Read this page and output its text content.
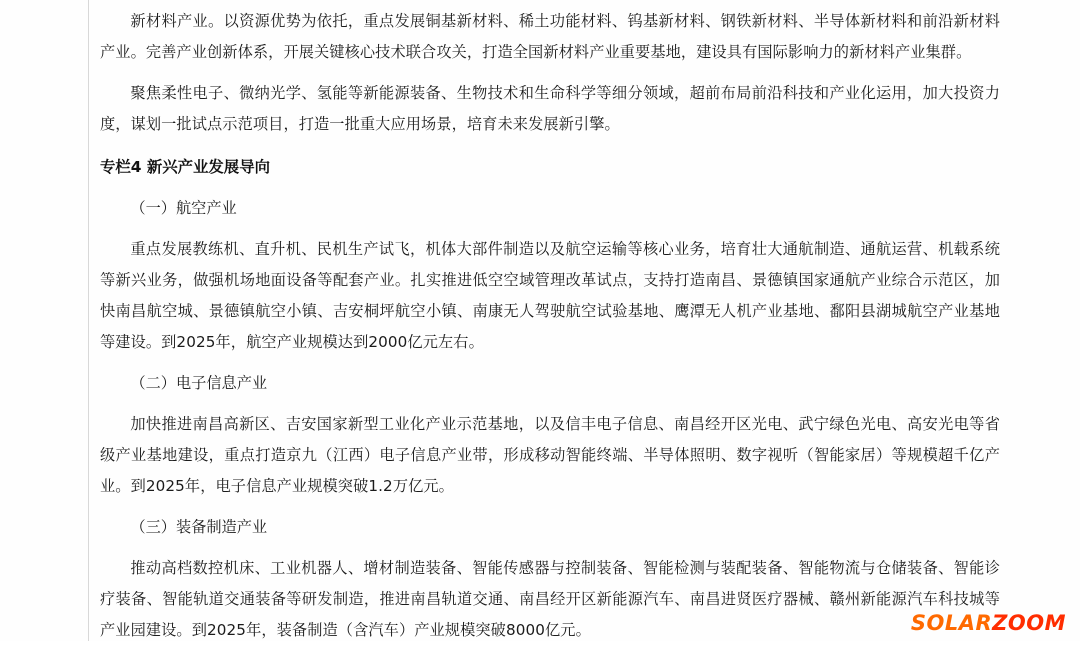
新材料产业。以资源优势为依托，重点发展铜基新材料、稀土功能材料、钨基新材料、钢铁新材料、半导体新材料和前沿新材料产业。完善产业创新体系，开展关键核心技术联合攻关，打造全国新材料产业重要基地，建设具有国际影响力的新材料产业集群。

聚焦柔性电子、微纳光学、氢能等新能源装备、生物技术和生命科学等细分领域，超前布局前沿科技和产业化运用，加大投资力度，谋划一批试点示范项目，打造一批重大应用场景，培育未来发展新引擎。

专栏4 新兴产业发展导向

（一）航空产业

重点发展教练机、直升机、民机生产试飞，机体大部件制造以及航空运输等核心业务，培育壮大通航制造、通航运营、机载系统等新兴业务，做强机场地面设备等配套产业。扎实推进低空空域管理改革试点，支持打造南昌、景德镇国家通航产业综合示范区，加快南昌航空城、景德镇航空小镇、吉安桐坪航空小镇、南康无人驾驶航空试验基地、鹰潭无人机产业基地、鄱阳县湖城航空产业基地等建设。到2025年，航空产业规模达到2000亿元左右。

（二）电子信息产业

加快推进南昌高新区、吉安国家新型工业化产业示范基地，以及信丰电子信息、南昌经开区光电、武宁绿色光电、高安光电等省级产业基地建设，重点打造京九（江西）电子信息产业带，形成移动智能终端、半导体照明、数字视听（智能家居）等规模超千亿产业。到2025年，电子信息产业规模突破1.2万亿元。

（三）装备制造产业

推动高档数控机床、工业机器人、增材制造装备、智能传感器与控制装备、智能检测与装配装备、智能物流与仓储装备、智能诊疗装备、智能轨道交通装备等研发制造，推进南昌轨道交通、南昌经开区新能源汽车、南昌进贤医疗器械、赣州新能源汽车科技城等产业园建设。到2025年，装备制造（含汽车）产业规模突破8000亿元。	SOLARZOOM
